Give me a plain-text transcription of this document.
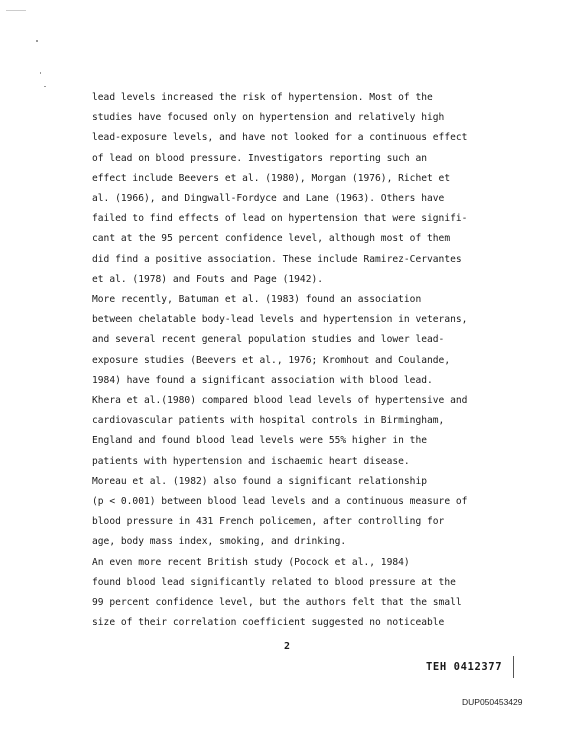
lead levels increased the risk of hypertension. Most of the
studies have focused only on hypertension and relatively high
lead-exposure levels, and have not looked for a continuous effect
of lead on blood pressure. Investigators reporting such an
effect include Beevers et al. (1980), Morgan (1976), Richet et
al. (1966), and Dingwall-Fordyce and Lane (1963). Others have
failed to find effects of lead on hypertension that were signifi-
cant at the 95 percent confidence level, although most of them
did find a positive association. These include Ramirez-Cervantes
et al. (1978) and Fouts and Page (1942).

More recently, Batuman et al. (1983) found an association
between chelatable body-lead levels and hypertension in veterans,
and several recent general population studies and lower lead-
exposure studies (Beevers et al., 1976; Kromhout and Coulande,
1984) have found a significant association with blood lead.
Khera et al.(1980) compared blood lead levels of hypertensive and
cardiovascular patients with hospital controls in Birmingham,
England and found blood lead levels were 55% higher in the
patients with hypertension and ischaemic heart disease.
Moreau et al. (1982) also found a significant relationship
(p < 0.001) between blood lead levels and a continuous measure of
blood pressure in 431 French policemen, after controlling for
age, body mass index, smoking, and drinking.

An even more recent British study (Pocock et al., 1984)
found blood lead significantly related to blood pressure at the
99 percent confidence level, but the authors felt that the small
size of their correlation coefficient suggested no noticeable

2
TEH 0412377
DUP050453429
